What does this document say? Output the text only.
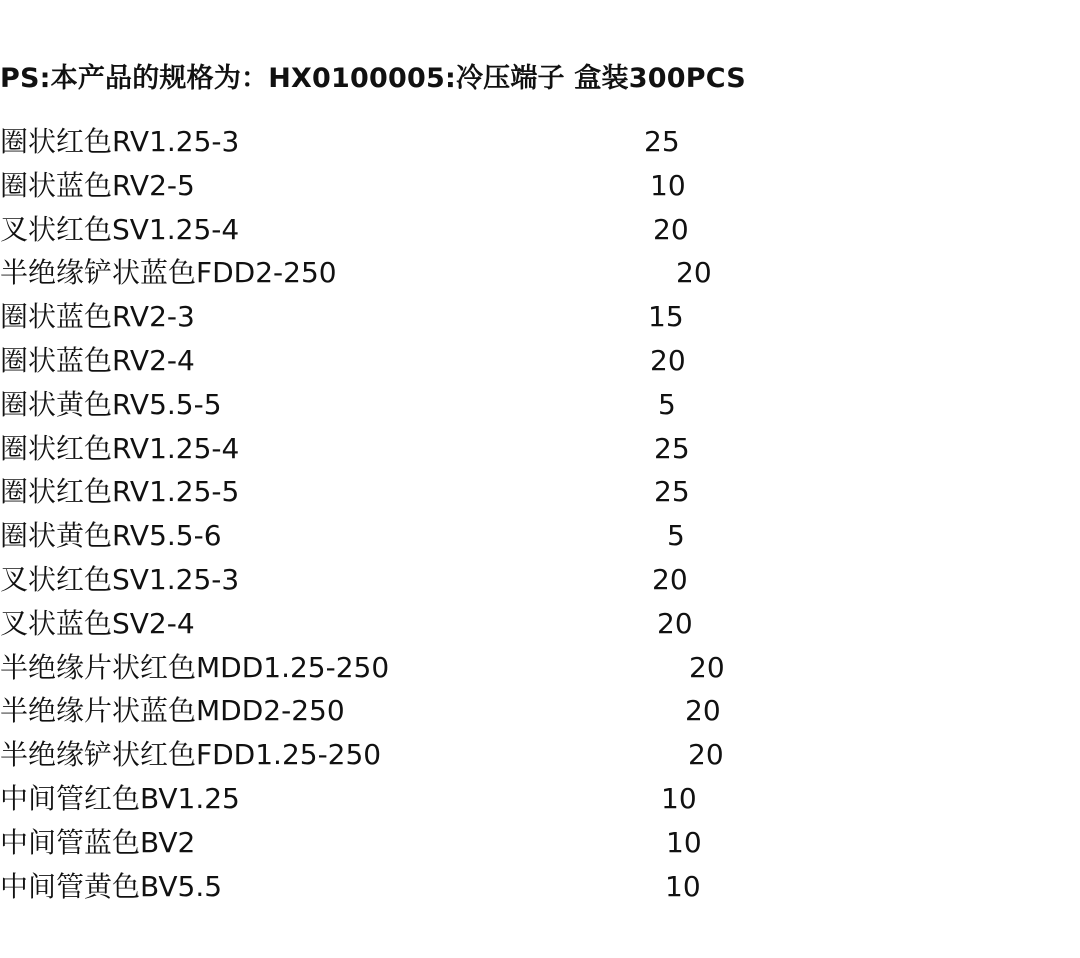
PS:本产品的规格为：HX0100005:冷压端子 盒装300PCS
圈状红色RV1.25-3	25
圈状蓝色RV2-5	10
叉状红色SV1.25-4	20
半绝缘铲状蓝色FDD2-250	20
圈状蓝色RV2-3	15
圈状蓝色RV2-4	20
圈状黄色RV5.5-5	5
圈状红色RV1.25-4	25
圈状红色RV1.25-5	25
圈状黄色RV5.5-6	5
叉状红色SV1.25-3	20
叉状蓝色SV2-4	20
半绝缘片状红色MDD1.25-250	20
半绝缘片状蓝色MDD2-250	20
半绝缘铲状红色FDD1.25-250	20
中间管红色BV1.25	10
中间管蓝色BV2	10
中间管黄色BV5.5	10
